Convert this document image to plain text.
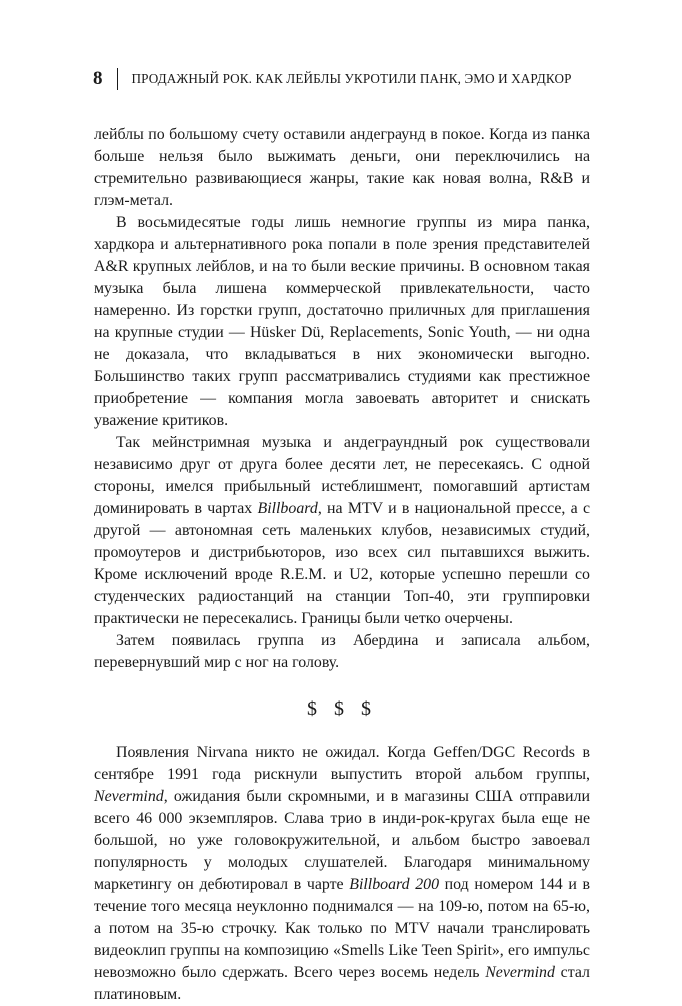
8 ПРОДАЖНЫЙ РОК. КАК ЛЕЙБЛЫ УКРОТИЛИ ПАНК, ЭМО И ХАРДКОР

лейблы по большому счету оставили андеграунд в покое. Когда из панка больше нельзя было выжимать деньги, они переключились на стремительно развивающиеся жанры, такие как новая волна, R&B и глэм-метал.

В восьмидесятые годы лишь немногие группы из мира панка, хардкора и альтернативного рока попали в поле зрения представителей A&R крупных лейблов, и на то были веские причины. В основном такая музыка была лишена коммерческой привлекательности, часто намеренно. Из горстки групп, достаточно приличных для приглашения на крупные студии — Hüsker Dü, Replacements, Sonic Youth, — ни одна не доказала, что вкладываться в них экономически выгодно. Большинство таких групп рассматривались студиями как престижное приобретение — компания могла завоевать авторитет и снискать уважение критиков.

Так мейнстримная музыка и андеграундный рок существовали независимо друг от друга более десяти лет, не пересекаясь. С одной стороны, имелся прибыльный истеблишмент, помогавший артистам доминировать в чартах Billboard, на MTV и в национальной прессе, а с другой — автономная сеть маленьких клубов, независимых студий, промоутеров и дистрибьюторов, изо всех сил пытавшихся выжить. Кроме исключений вроде R.E.M. и U2, которые успешно перешли со студенческих радиостанций на станции Топ-40, эти группировки практически не пересекались. Границы были четко очерчены.

Затем появилась группа из Абердина и записала альбом, перевернувший мир с ног на голову.

$ $ $

Появления Nirvana никто не ожидал. Когда Geffen/DGC Records в сентябре 1991 года рискнули выпустить второй альбом группы, Nevermind, ожидания были скромными, и в магазины США отправили всего 46 000 экземпляров. Слава трио в инди-рок-кругах была еще не большой, но уже головокружительной, и альбом быстро завоевал популярность у молодых слушателей. Благодаря минимальному маркетингу он дебютировал в чарте Billboard 200 под номером 144 и в течение того месяца неуклонно поднимался — на 109-ю, потом на 65-ю, а потом на 35-ю строчку. Как только по MTV начали транслировать видеоклип группы на композицию «Smells Like Teen Spirit», его импульс невозможно было сдержать. Всего через восемь недель Nevermind стал платиновым.
